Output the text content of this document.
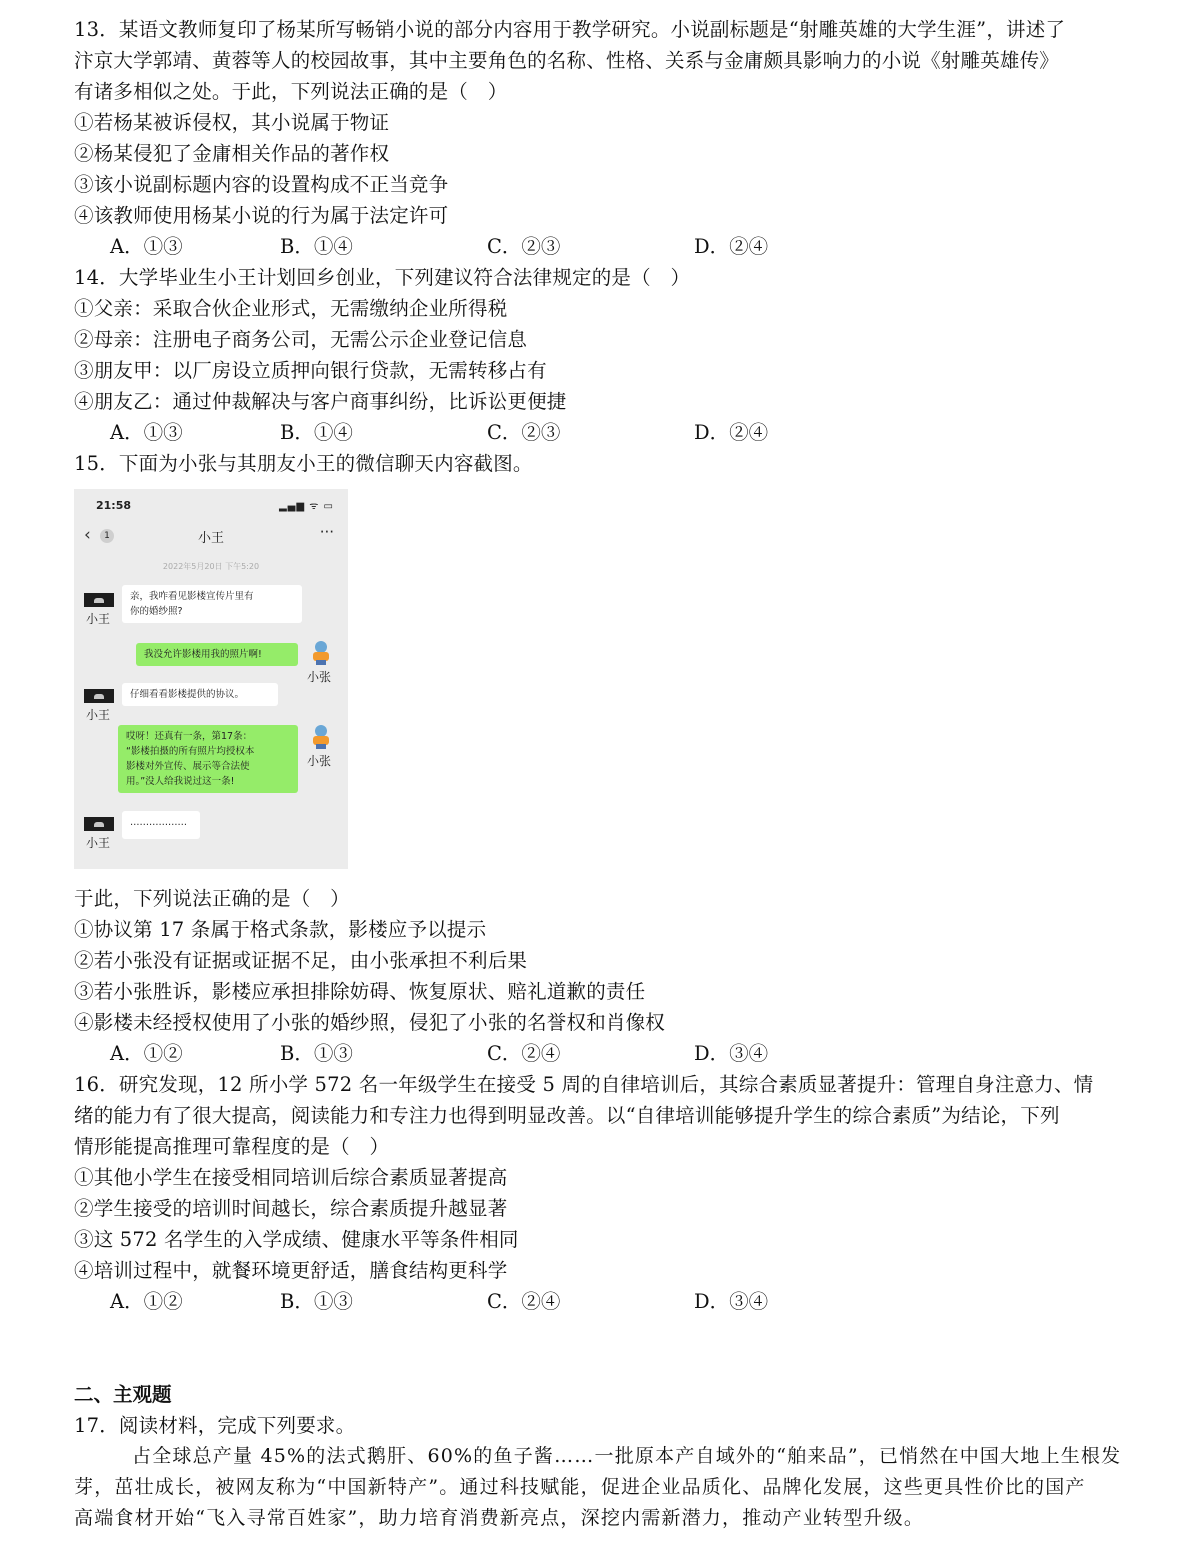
13．某语文教师复印了杨某所写畅销小说的部分内容用于教学研究。小说副标题是“射雕英雄的大学生涯”，讲述了
汴京大学郭靖、黄蓉等人的校园故事，其中主要角色的名称、性格、关系与金庸颇具影响力的小说《射雕英雄传》
有诸多相似之处。于此，下列说法正确的是（　）
①若杨某被诉侵权，其小说属于物证
②杨某侵犯了金庸相关作品的著作权
③该小说副标题内容的设置构成不正当竞争
④该教师使用杨某小说的行为属于法定许可
A．①③	B．①④	C．②③	D．②④
14．大学毕业生小王计划回乡创业，下列建议符合法律规定的是（　）
①父亲：采取合伙企业形式，无需缴纳企业所得税
②母亲：注册电子商务公司，无需公示企业登记信息
③朋友甲：以厂房设立质押向银行贷款，无需转移占有
④朋友乙：通过仲裁解决与客户商事纠纷，比诉讼更便捷
A．①③	B．①④	C．②③	D．②④
15．下面为小张与其朋友小王的微信聊天内容截图。
21:58	▂▄▆ ᯤ ▭
‹	1	小王	···
2022年5月20日 下午5:20
小王
亲，我咋看见影楼宣传片里有
你的婚纱照?
我没允许影楼用我的照片啊!
小张
小王
仔细看看影楼提供的协议。
哎呀！还真有一条，第17条：
“影楼拍摄的所有照片均授权本
影楼对外宣传、展示等合法使
用。”没人给我说过这一条!
小张
小王
………………
于此，下列说法正确的是（　）
①协议第 17 条属于格式条款，影楼应予以提示
②若小张没有证据或证据不足，由小张承担不利后果
③若小张胜诉，影楼应承担排除妨碍、恢复原状、赔礼道歉的责任
④影楼未经授权使用了小张的婚纱照，侵犯了小张的名誉权和肖像权
A．①②	B．①③	C．②④	D．③④
16．研究发现，12 所小学 572 名一年级学生在接受 5 周的自律培训后，其综合素质显著提升：管理自身注意力、情
绪的能力有了很大提高，阅读能力和专注力也得到明显改善。以“自律培训能够提升学生的综合素质”为结论，下列
情形能提高推理可靠程度的是（　）
①其他小学生在接受相同培训后综合素质显著提高
②学生接受的培训时间越长，综合素质提升越显著
③这 572 名学生的入学成绩、健康水平等条件相同
④培训过程中，就餐环境更舒适，膳食结构更科学
A．①②	B．①③	C．②④	D．③④
二、主观题
17．阅读材料，完成下列要求。
占全球总产量 45%的法式鹅肝、60%的鱼子酱……一批原本产自域外的“舶来品”，已悄然在中国大地上生根发
芽，茁壮成长，被网友称为“中国新特产”。通过科技赋能，促进企业品质化、品牌化发展，这些更具性价比的国产
高端食材开始“飞入寻常百姓家”，助力培育消费新亮点，深挖内需新潜力，推动产业转型升级。
